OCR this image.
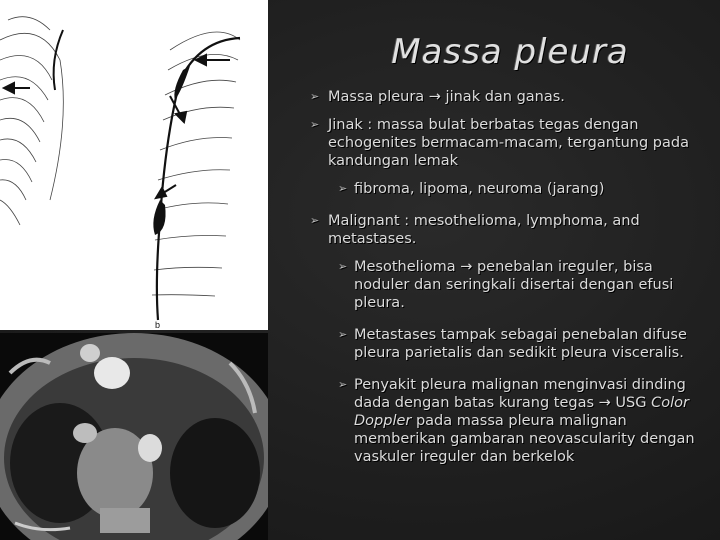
b
Massa pleura
➢ Massa pleura → jinak dan ganas.
➢ Jinak : massa bulat berbatas tegas dengan echogenites bermacam-macam, tergantung pada kandungan lemak
➢ fibroma, lipoma, neuroma (jarang)
➢ Malignant : mesothelioma, lymphoma, and metastases.
➢ Mesothelioma → penebalan ireguler, bisa noduler dan seringkali disertai dengan efusi pleura.
➢ Metastases tampak sebagai penebalan difuse pleura parietalis dan sedikit pleura visceralis.
➢ Penyakit pleura malignan menginvasi dinding dada dengan batas kurang tegas → USG Color Doppler pada massa pleura malignan memberikan gambaran neovascularity dengan vaskuler ireguler dan berkelok
